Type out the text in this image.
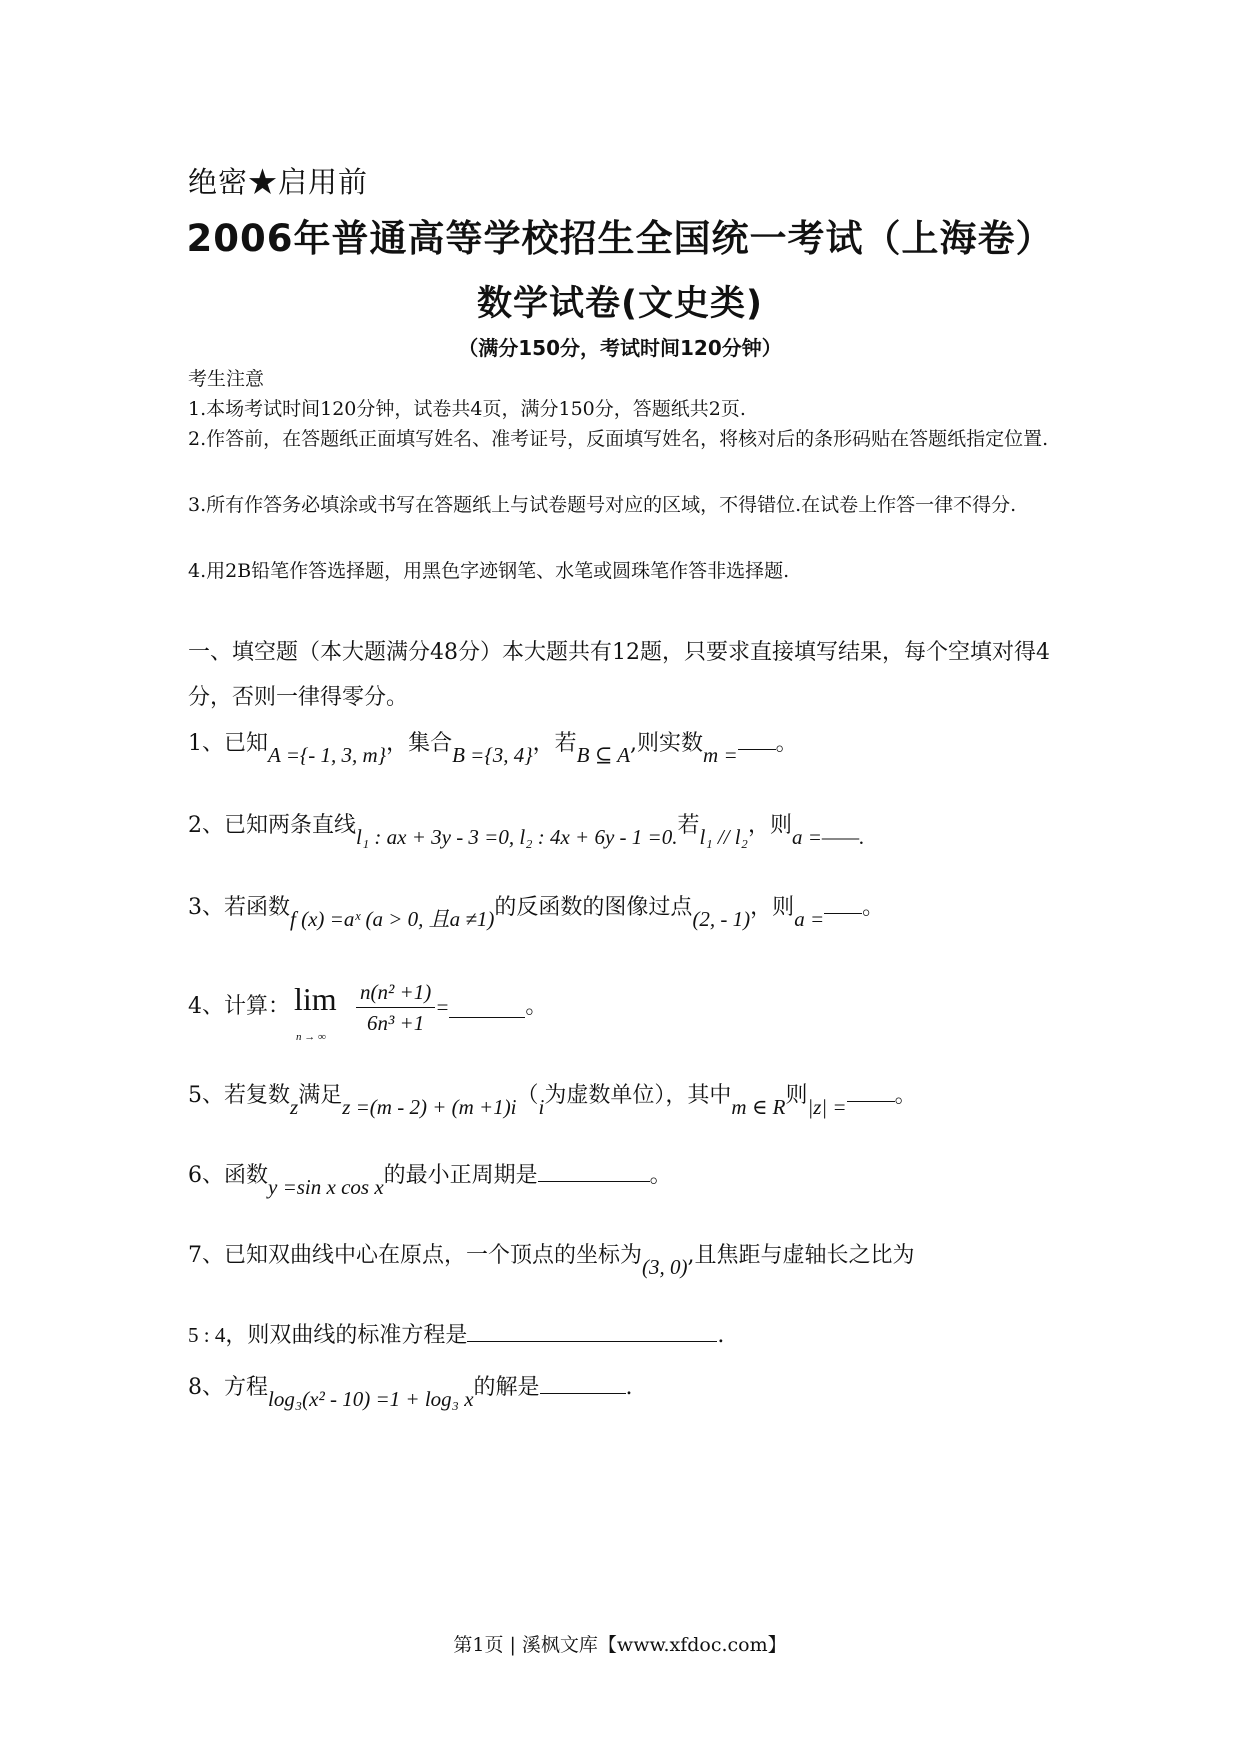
绝密★启用前
2006年普通高等学校招生全国统一考试（上海卷）
数学试卷(文史类)
（满分150分，考试时间120分钟）
考生注意
1.本场考试时间120分钟，试卷共4页，满分150分，答题纸共2页.
2.作答前，在答题纸正面填写姓名、准考证号，反面填写姓名，将核对后的条形码贴在答题纸指定位置.
3.所有作答务必填涂或书写在答题纸上与试卷题号对应的区域，不得错位.在试卷上作答一律不得分.
4.用2B铅笔作答选择题，用黑色字迹钢笔、水笔或圆珠笔作答非选择题.
一、填空题（本大题满分48分）本大题共有12题，只要求直接填写结果，每个空填对得4分，否则一律得零分。
1、已知A ={- 1, 3, m}，集合B ={3, 4}，若B ⊆ A,则实数m = 。
2、已知两条直线l₁ : ax + 3y - 3 =0, l₂ : 4x + 6y - 1 =0.若l₁ // l₂，则a =——.
3、若函数f (x) =aˣ (a > 0, 且a ≠1)的反函数的图像过点(2, - 1)，则a = 。
4、计算： lim
n → ∞ $\frac{\text{n(n² +1)}}{\text{6n³ +1}}$ =	。
5、若复数z满足z =(m - 2) + (m +1)i（i为虚数单位），其中m ∈ R则|z| = 。
6、函数y =sin x cos x的最小正周期是	。
7、已知双曲线中心在原点，一个顶点的坐标为(3, 0),且焦距与虚轴长之比为
5 : 4，则双曲线的标准方程是	.
8、方程log₃(x² - 10) =1 + log₃ x的解是	.
第1页 | 溪枫文库【www.xfdoc.com】
